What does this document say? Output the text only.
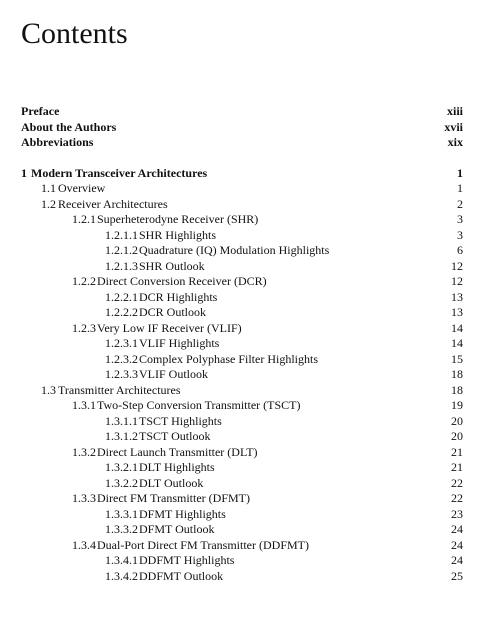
Contents
Preface	xiii
About the Authors	xvii
Abbreviations	xix
1 Modern Transceiver Architectures	1
1.1 Overview	1
1.2 Receiver Architectures	2
1.2.1 Superheterodyne Receiver (SHR)	3
1.2.1.1 SHR Highlights	3
1.2.1.2 Quadrature (IQ) Modulation Highlights	6
1.2.1.3 SHR Outlook	12
1.2.2 Direct Conversion Receiver (DCR)	12
1.2.2.1 DCR Highlights	13
1.2.2.2 DCR Outlook	13
1.2.3 Very Low IF Receiver (VLIF)	14
1.2.3.1 VLIF Highlights	14
1.2.3.2 Complex Polyphase Filter Highlights	15
1.2.3.3 VLIF Outlook	18
1.3 Transmitter Architectures	18
1.3.1 Two-Step Conversion Transmitter (TSCT)	19
1.3.1.1 TSCT Highlights	20
1.3.1.2 TSCT Outlook	20
1.3.2 Direct Launch Transmitter (DLT)	21
1.3.2.1 DLT Highlights	21
1.3.2.2 DLT Outlook	22
1.3.3 Direct FM Transmitter (DFMT)	22
1.3.3.1 DFMT Highlights	23
1.3.3.2 DFMT Outlook	24
1.3.4 Dual-Port Direct FM Transmitter (DDFMT)	24
1.3.4.1 DDFMT Highlights	24
1.3.4.2 DDFMT Outlook	25
